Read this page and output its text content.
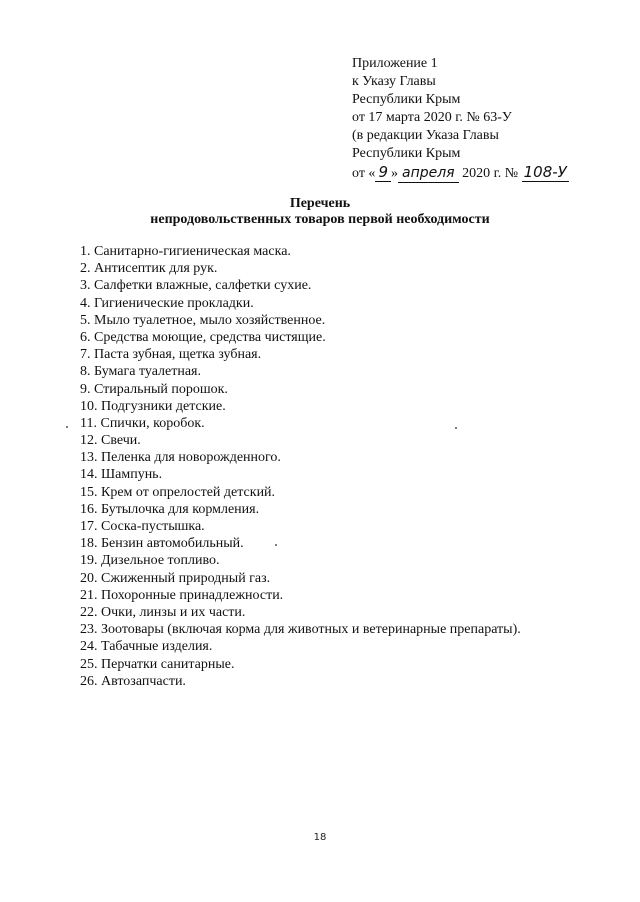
Приложение 1
к Указу Главы
Республики Крым
от 17 марта 2020 г. № 63-У
(в редакции Указа Главы
Республики Крым
от « 9 » апреля 2020 г. № 108-У
Перечень
непродовольственных товаров первой необходимости
1. Санитарно-гигиеническая маска.
2. Антисептик для рук.
3. Салфетки влажные, салфетки сухие.
4. Гигиенические прокладки.
5. Мыло туалетное, мыло хозяйственное.
6. Средства моющие, средства чистящие.
7. Паста зубная, щетка зубная.
8. Бумага туалетная.
9. Стиральный порошок.
10. Подгузники детские.
11. Спички, коробок.
12. Свечи.
13. Пеленка для новорожденного.
14. Шампунь.
15. Крем от опрелостей детский.
16. Бутылочка для кормления.
17. Соска-пустышка.
18. Бензин автомобильный.
19. Дизельное топливо.
20. Сжиженный природный газ.
21. Похоронные принадлежности.
22. Очки, линзы и их части.
23. Зоотовары (включая корма для животных и ветеринарные препараты).
24. Табачные изделия.
25. Перчатки санитарные.
26. Автозапчасти.
18
